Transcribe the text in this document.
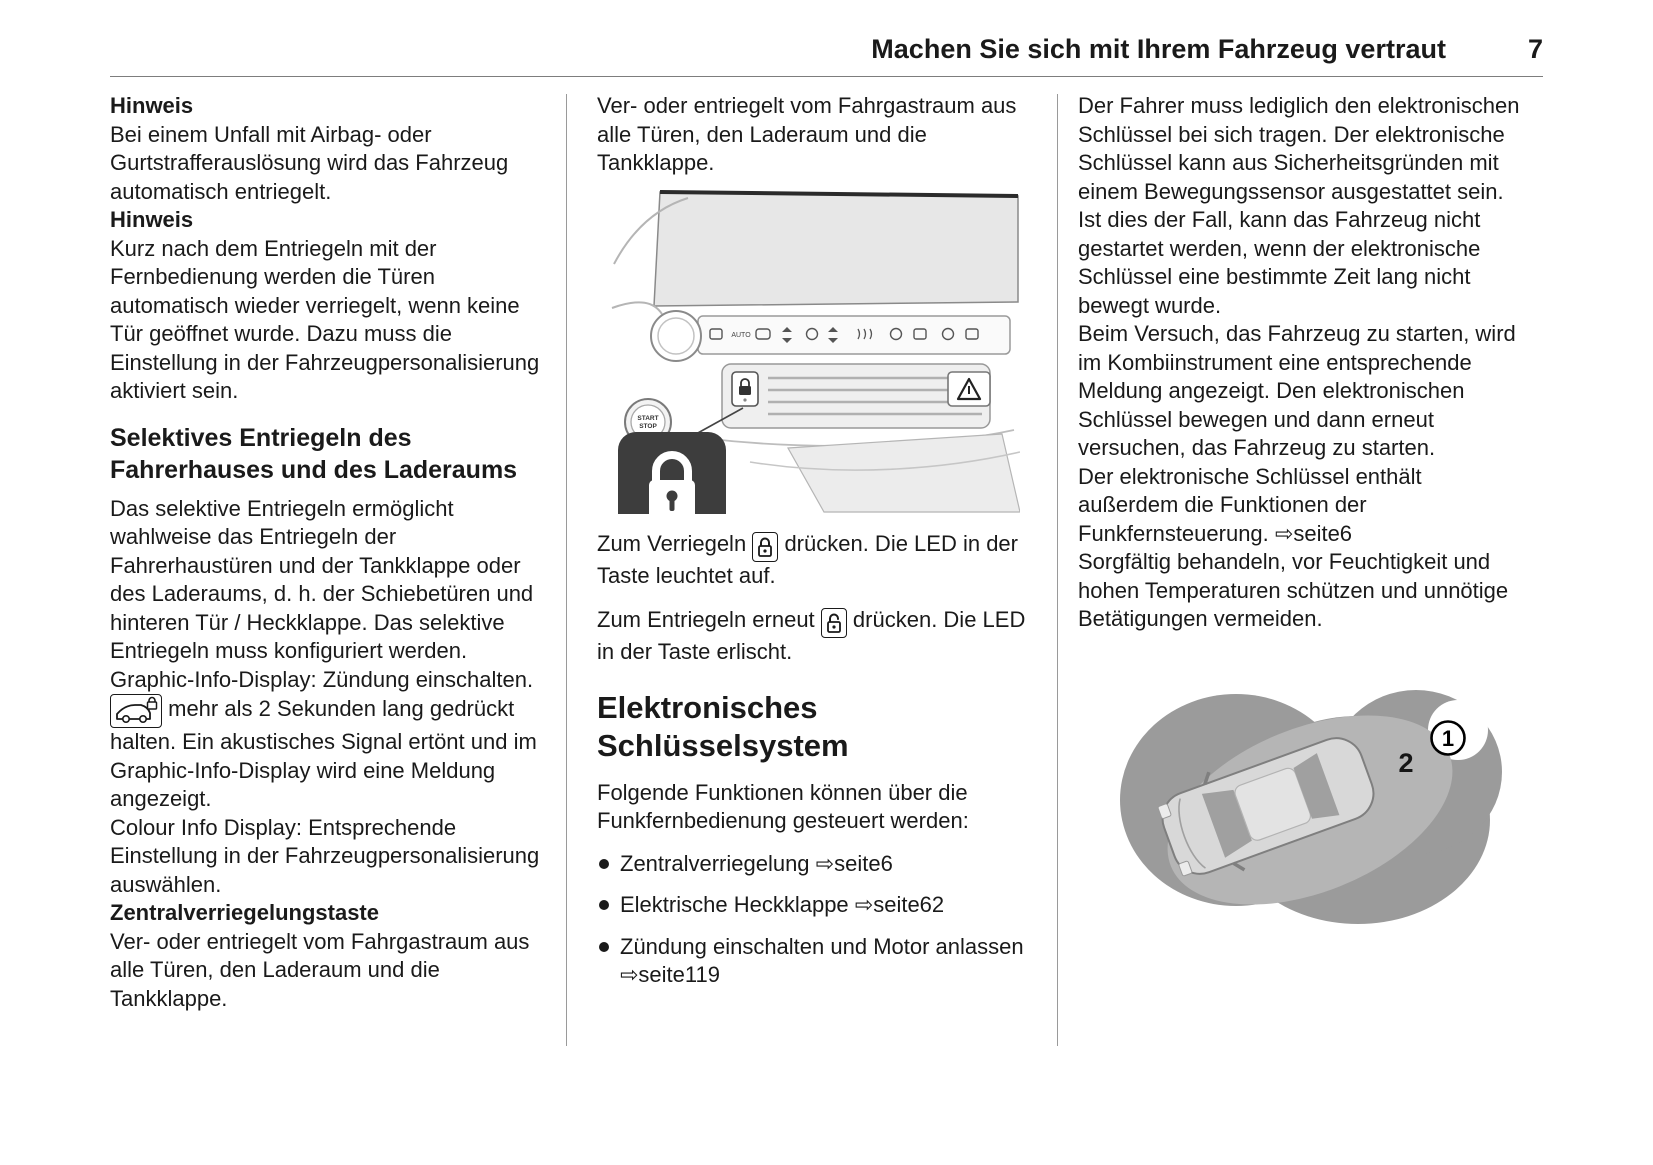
Machen Sie sich mit Ihrem Fahrzeug vertraut	7

Hinweis

Bei einem Unfall mit Airbag- oder Gurtstrafferauslösung wird das Fahrzeug automatisch entriegelt.

Hinweis

Kurz nach dem Entriegeln mit der Fernbedienung werden die Türen automatisch wieder verriegelt, wenn keine Tür geöffnet wurde. Dazu muss die Einstellung in der Fahrzeugpersonalisierung aktiviert sein.

Selektives Entriegeln des Fahrerhauses und des Laderaums

Das selektive Entriegeln ermöglicht wahlweise das Entriegeln der Fahrerhaustüren und der Tankklappe oder des Laderaums, d. h. der Schiebetüren und hinteren Tür / Heckklappe. Das selektive Entriegeln muss konfiguriert werden.

Graphic-Info-Display: Zündung einschalten.  mehr als 2 Sekunden lang gedrückt halten. Ein akustisches Signal ertönt und im Graphic-Info-Display wird eine Meldung angezeigt.

Colour Info Display: Entsprechende Einstellung in der Fahrzeugpersonalisierung auswählen.

Zentralverriegelungstaste

Ver- oder entriegelt vom Fahrgastraum aus alle Türen, den Laderaum und die Tankklappe.

Ver- oder entriegelt vom Fahrgastraum aus alle Türen, den Laderaum und die Tankklappe.

AUTO
START
STOP

Zum Verriegeln drücken. Die LED in der Taste leuchtet auf.

Zum Entriegeln erneut drücken. Die LED in der Taste erlischt.

Elektronisches Schlüsselsystem

Folgende Funktionen können über die Funkfernbedienung gesteuert werden:

Zentralverriegelung ⇨seite6
Elektrische Heckklappe ⇨seite62
Zündung einschalten und Motor anlassen ⇨seite119

Der Fahrer muss lediglich den elektronischen Schlüssel bei sich tragen. Der elektronische Schlüssel kann aus Sicherheitsgründen mit einem Bewegungssensor ausgestattet sein. Ist dies der Fall, kann das Fahrzeug nicht gestartet werden, wenn der elektronische Schlüssel eine bestimmte Zeit lang nicht bewegt wurde.

Beim Versuch, das Fahrzeug zu starten, wird im Kombiinstrument eine entsprechende Meldung angezeigt. Den elektronischen Schlüssel bewegen und dann erneut versuchen, das Fahrzeug zu starten.

Der elektronische Schlüssel enthält außerdem die Funktionen der Funkfernsteuerung. ⇨seite6

Sorgfältig behandeln, vor Feuchtigkeit und hohen Temperaturen schützen und unnötige Betätigungen vermeiden.

1
2
